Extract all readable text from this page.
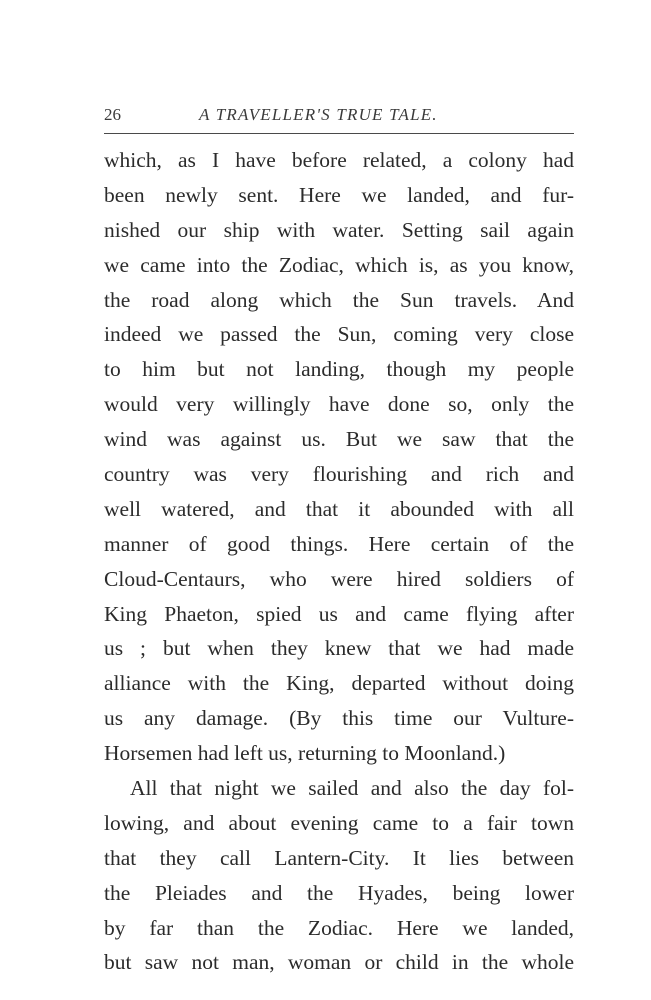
26	A TRAVELLER'S TRUE TALE.
which, as I have before related, a colony had
been newly sent. Here we landed, and fur-
nished our ship with water. Setting sail again
we came into the Zodiac, which is, as you know,
the road along which the Sun travels. And
indeed we passed the Sun, coming very close
to him but not landing, though my people
would very willingly have done so, only the
wind was against us. But we saw that the
country was very flourishing and rich and
well watered, and that it abounded with all
manner of good things. Here certain of the
Cloud-Centaurs, who were hired soldiers of
King Phaeton, spied us and came flying after
us ; but when they knew that we had made
alliance with the King, departed without doing
us any damage. (By this time our Vulture-
Horsemen had left us, returning to Moonland.)
All that night we sailed and also the day fol-
lowing, and about evening came to a fair town
that they call Lantern-City. It lies between
the Pleiades and the Hyades, being lower
by far than the Zodiac. Here we landed,
but saw not man, woman or child in the whole
